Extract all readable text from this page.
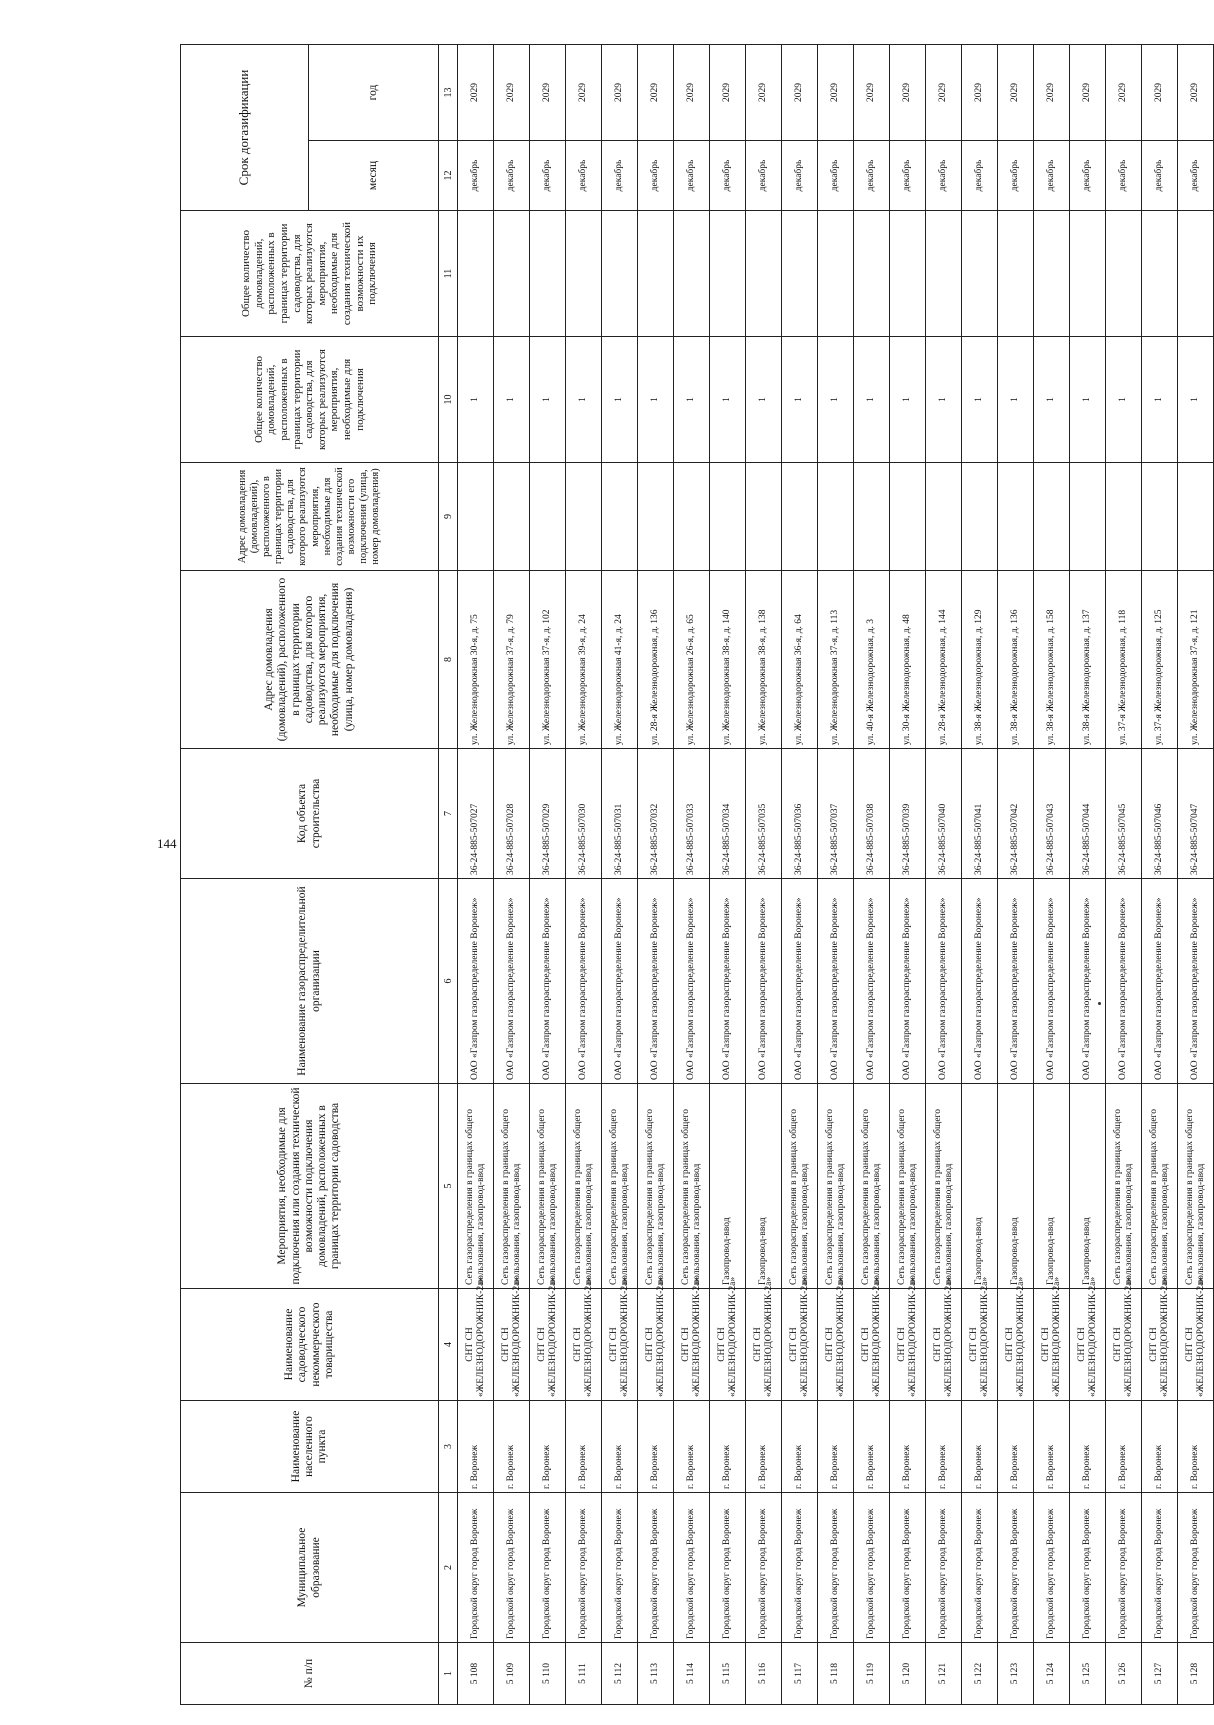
144
№ п/п	Муниципальное образование	Наименование населенного пункта	Наименование садоводческого некоммерческого товарищества	Мероприятия, необходимые для подключения или создания технической возможности подключения домовладений, расположенных в границах территории садоводства	Наименование газораспределительной организации	Код объекта строительства	Адрес домовладения (домовладений), расположенного в границах территории садоводства, для которого реализуются мероприятия, необходимые для подключения (улица, номер домовладения)	Адрес домовладения (домовладений), расположенного в границах территории садоводства, для которого реализуются мероприятия, необходимые для создания технической возможности его подключения (улица, номер домовладения)	Общее количество домовладений, расположенных в границах территории садоводства, для которых реализуются мероприятия, необходимые для подключения	Общее количество домовладений, расположенных в границах территории садоводства, для которых реализуются мероприятия, необходимые для создания технической возможности их подключения	Срок догазификации	
											месяц	год
1	2	3	4	5	6	7	8	9	10	11	12	13
5 108	Городской округ город Воронеж	г. Воронеж	СНТ СН «ЖЕЛЕЗНОДОРОЖНИК-2а»	Сеть газораспределения в границах общего пользования, газопровод-ввод	ОАО «Газпром газораспределение Воронеж»	36-24-885-507027	ул. Железнодорожная 30-я, д. 75		1		декабрь	2029
5 109	Городской округ город Воронеж	г. Воронеж	СНТ СН «ЖЕЛЕЗНОДОРОЖНИК-2а»	Сеть газораспределения в границах общего пользования, газопровод-ввод	ОАО «Газпром газораспределение Воронеж»	36-24-885-507028	ул. Железнодорожная 37-я, д. 79		1		декабрь	2029
5 110	Городской округ город Воронеж	г. Воронеж	СНТ СН «ЖЕЛЕЗНОДОРОЖНИК-2а»	Сеть газораспределения в границах общего пользования, газопровод-ввод	ОАО «Газпром газораспределение Воронеж»	36-24-885-507029	ул. Железнодорожная 37-я, д. 102		1		декабрь	2029
5 111	Городской округ город Воронеж	г. Воронеж	СНТ СН «ЖЕЛЕЗНОДОРОЖНИК-2а»	Сеть газораспределения в границах общего пользования, газопровод-ввод	ОАО «Газпром газораспределение Воронеж»	36-24-885-507030	ул. Железнодорожная 39-я, д. 24		1		декабрь	2029
5 112	Городской округ город Воронеж	г. Воронеж	СНТ СН «ЖЕЛЕЗНОДОРОЖНИК-2а»	Сеть газораспределения в границах общего пользования, газопровод-ввод	ОАО «Газпром газораспределение Воронеж»	36-24-885-507031	ул. Железнодорожная 41-я, д. 24		1		декабрь	2029
5 113	Городской округ город Воронеж	г. Воронеж	СНТ СН «ЖЕЛЕЗНОДОРОЖНИК-2а»	Сеть газораспределения в границах общего пользования, газопровод-ввод	ОАО «Газпром газораспределение Воронеж»	36-24-885-507032	ул. 28-я Железнодорожная, д. 136		1		декабрь	2029
5 114	Городской округ город Воронеж	г. Воронеж	СНТ СН «ЖЕЛЕЗНОДОРОЖНИК-2а»	Сеть газораспределения в границах общего пользования, газопровод-ввод	ОАО «Газпром газораспределение Воронеж»	36-24-885-507033	ул. Железнодорожная 26-я, д. 65		1		декабрь	2029
5 115	Городской округ город Воронеж	г. Воронеж	СНТ СН «ЖЕЛЕЗНОДОРОЖНИК-2а»	Газопровод-ввод	ОАО «Газпром газораспределение Воронеж»	36-24-885-507034	ул. Железнодорожная 38-я, д. 140		1		декабрь	2029
5 116	Городской округ город Воронеж	г. Воронеж	СНТ СН «ЖЕЛЕЗНОДОРОЖНИК-2а»	Газопровод-ввод	ОАО «Газпром газораспределение Воронеж»	36-24-885-507035	ул. Железнодорожная 38-я, д. 138		1		декабрь	2029
5 117	Городской округ город Воронеж	г. Воронеж	СНТ СН «ЖЕЛЕЗНОДОРОЖНИК-2а»	Сеть газораспределения в границах общего пользования, газопровод-ввод	ОАО «Газпром газораспределение Воронеж»	36-24-885-507036	ул. Железнодорожная 36-я, д. 64		1		декабрь	2029
5 118	Городской округ город Воронеж	г. Воронеж	СНТ СН «ЖЕЛЕЗНОДОРОЖНИК-2а»	Сеть газораспределения в границах общего пользования, газопровод-ввод	ОАО «Газпром газораспределение Воронеж»	36-24-885-507037	ул. Железнодорожная 37-я, д. 113		1		декабрь	2029
5 119	Городской округ город Воронеж	г. Воронеж	СНТ СН «ЖЕЛЕЗНОДОРОЖНИК-2а»	Сеть газораспределения в границах общего пользования, газопровод-ввод	ОАО «Газпром газораспределение Воронеж»	36-24-885-507038	ул. 40-я Железнодорожная, д. 3		1		декабрь	2029
5 120	Городской округ город Воронеж	г. Воронеж	СНТ СН «ЖЕЛЕЗНОДОРОЖНИК-2а»	Сеть газораспределения в границах общего пользования, газопровод-ввод	ОАО «Газпром газораспределение Воронеж»	36-24-885-507039	ул. 30-я Железнодорожная, д. 48		1		декабрь	2029
5 121	Городской округ город Воронеж	г. Воронеж	СНТ СН «ЖЕЛЕЗНОДОРОЖНИК-2а»	Сеть газораспределения в границах общего пользования, газопровод-ввод	ОАО «Газпром газораспределение Воронеж»	36-24-885-507040	ул. 28-я Железнодорожная, д. 144		1		декабрь	2029
5 122	Городской округ город Воронеж	г. Воронеж	СНТ СН «ЖЕЛЕЗНОДОРОЖНИК-2а»	Газопровод-ввод	ОАО «Газпром газораспределение Воронеж»	36-24-885-507041	ул. 38-я Железнодорожная, д. 129		1		декабрь	2029
5 123	Городской округ город Воронеж	г. Воронеж	СНТ СН «ЖЕЛЕЗНОДОРОЖНИК-2а»	Газопровод-ввод	ОАО «Газпром газораспределение Воронеж»	36-24-885-507042	ул. 38-я Железнодорожная, д. 136		1		декабрь	2029
5 124	Городской округ город Воронеж	г. Воронеж	СНТ СН «ЖЕЛЕЗНОДОРОЖНИК-2а»	Газопровод-ввод	ОАО «Газпром газораспределение Воронеж»	36-24-885-507043	ул. 38-я Железнодорожная, д. 158		1		декабрь	2029
5 125	Городской округ город Воронеж	г. Воронеж	СНТ СН «ЖЕЛЕЗНОДОРОЖНИК-2а»	Газопровод-ввод	ОАО «Газпром газораспределение Воронеж»	36-24-885-507044	ул. 38-я Железнодорожная, д. 137		1		декабрь	2029
5 126	Городской округ город Воронеж	г. Воронеж	СНТ СН «ЖЕЛЕЗНОДОРОЖНИК-2а»	Сеть газораспределения в границах общего пользования, газопровод-ввод	ОАО «Газпром газораспределение Воронеж»	36-24-885-507045	ул. 37-я Железнодорожная, д. 118		1		декабрь	2029
5 127	Городской округ город Воронеж	г. Воронеж	СНТ СН «ЖЕЛЕЗНОДОРОЖНИК-2а»	Сеть газораспределения в границах общего пользования, газопровод-ввод	ОАО «Газпром газораспределение Воронеж»	36-24-885-507046	ул. 37-я Железнодорожная, д. 125		1		декабрь	2029
5 128	Городской округ город Воронеж	г. Воронеж	СНТ СН «ЖЕЛЕЗНОДОРОЖНИК-2а»	Сеть газораспределения в границах общего пользования, газопровод-ввод	ОАО «Газпром газораспределение Воронеж»	36-24-885-507047	ул. Железнодорожная 37-я, д. 121		1		декабрь	2029
